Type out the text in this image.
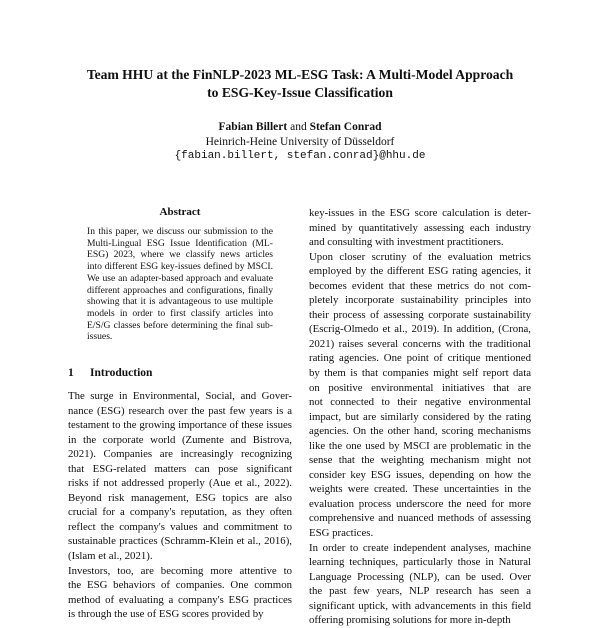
Team HHU at the FinNLP-2023 ML-ESG Task: A Multi-Model Approach
to ESG-Key-Issue Classification
Fabian Billert and Stefan Conrad
Heinrich-Heine University of Düsseldorf
{fabian.billert, stefan.conrad}@hhu.de
Abstract
In this paper, we discuss our submission to the
Multi-Lingual ESG Issue Identification (ML-
ESG) 2023, where we classify news articles
into different ESG key-issues defined by MSCI.
We use an adapter-based approach and evaluate
different approaches and configurations, finally
showing that it is advantageous to use multiple
models in order to first classify articles into
E/S/G classes before determining the final sub-
issues.
1 Introduction
The surge in Environmental, Social, and Gover-
nance (ESG) research over the past few years is a
testament to the growing importance of these issues
in the corporate world (Zumente and Bistrova,
2021). Companies are increasingly recognizing
that ESG-related matters can pose significant
risks if not addressed properly (Aue et al., 2022).
Beyond risk management, ESG topics are also
crucial for a company's reputation, as they often
reflect the company's values and commitment to
sustainable practices (Schramm-Klein et al., 2016),
(Islam et al., 2021).
Investors, too, are becoming more attentive to
the ESG behaviors of companies. One common
method of evaluating a company's ESG practices
is through the use of ESG scores provided by
key-issues in the ESG score calculation is deter-
mined by quantitatively assessing each industry
and consulting with investment practitioners.
Upon closer scrutiny of the evaluation metrics
employed by the different ESG rating agencies, it
becomes evident that these metrics do not com-
pletely incorporate sustainability principles into
their process of assessing corporate sustainability
(Escrig-Olmedo et al., 2019). In addition, (Crona,
2021) raises several concerns with the traditional
rating agencies. One point of critique mentioned
by them is that companies might self report data
on positive environmental initiatives that are
not connected to their negative environmental
impact, but are similarly considered by the rating
agencies. On the other hand, scoring mechanisms
like the one used by MSCI are problematic in the
sense that the weighting mechanism might not
consider key ESG issues, depending on how the
weights were created. These uncertainties in the
evaluation process underscore the need for more
comprehensive and nuanced methods of assessing
ESG practices.
In order to create independent analyses, machine
learning techniques, particularly those in Natural
Language Processing (NLP), can be used. Over
the past few years, NLP research has seen a
significant uptick, with advancements in this field
offering promising solutions for more in-depth
